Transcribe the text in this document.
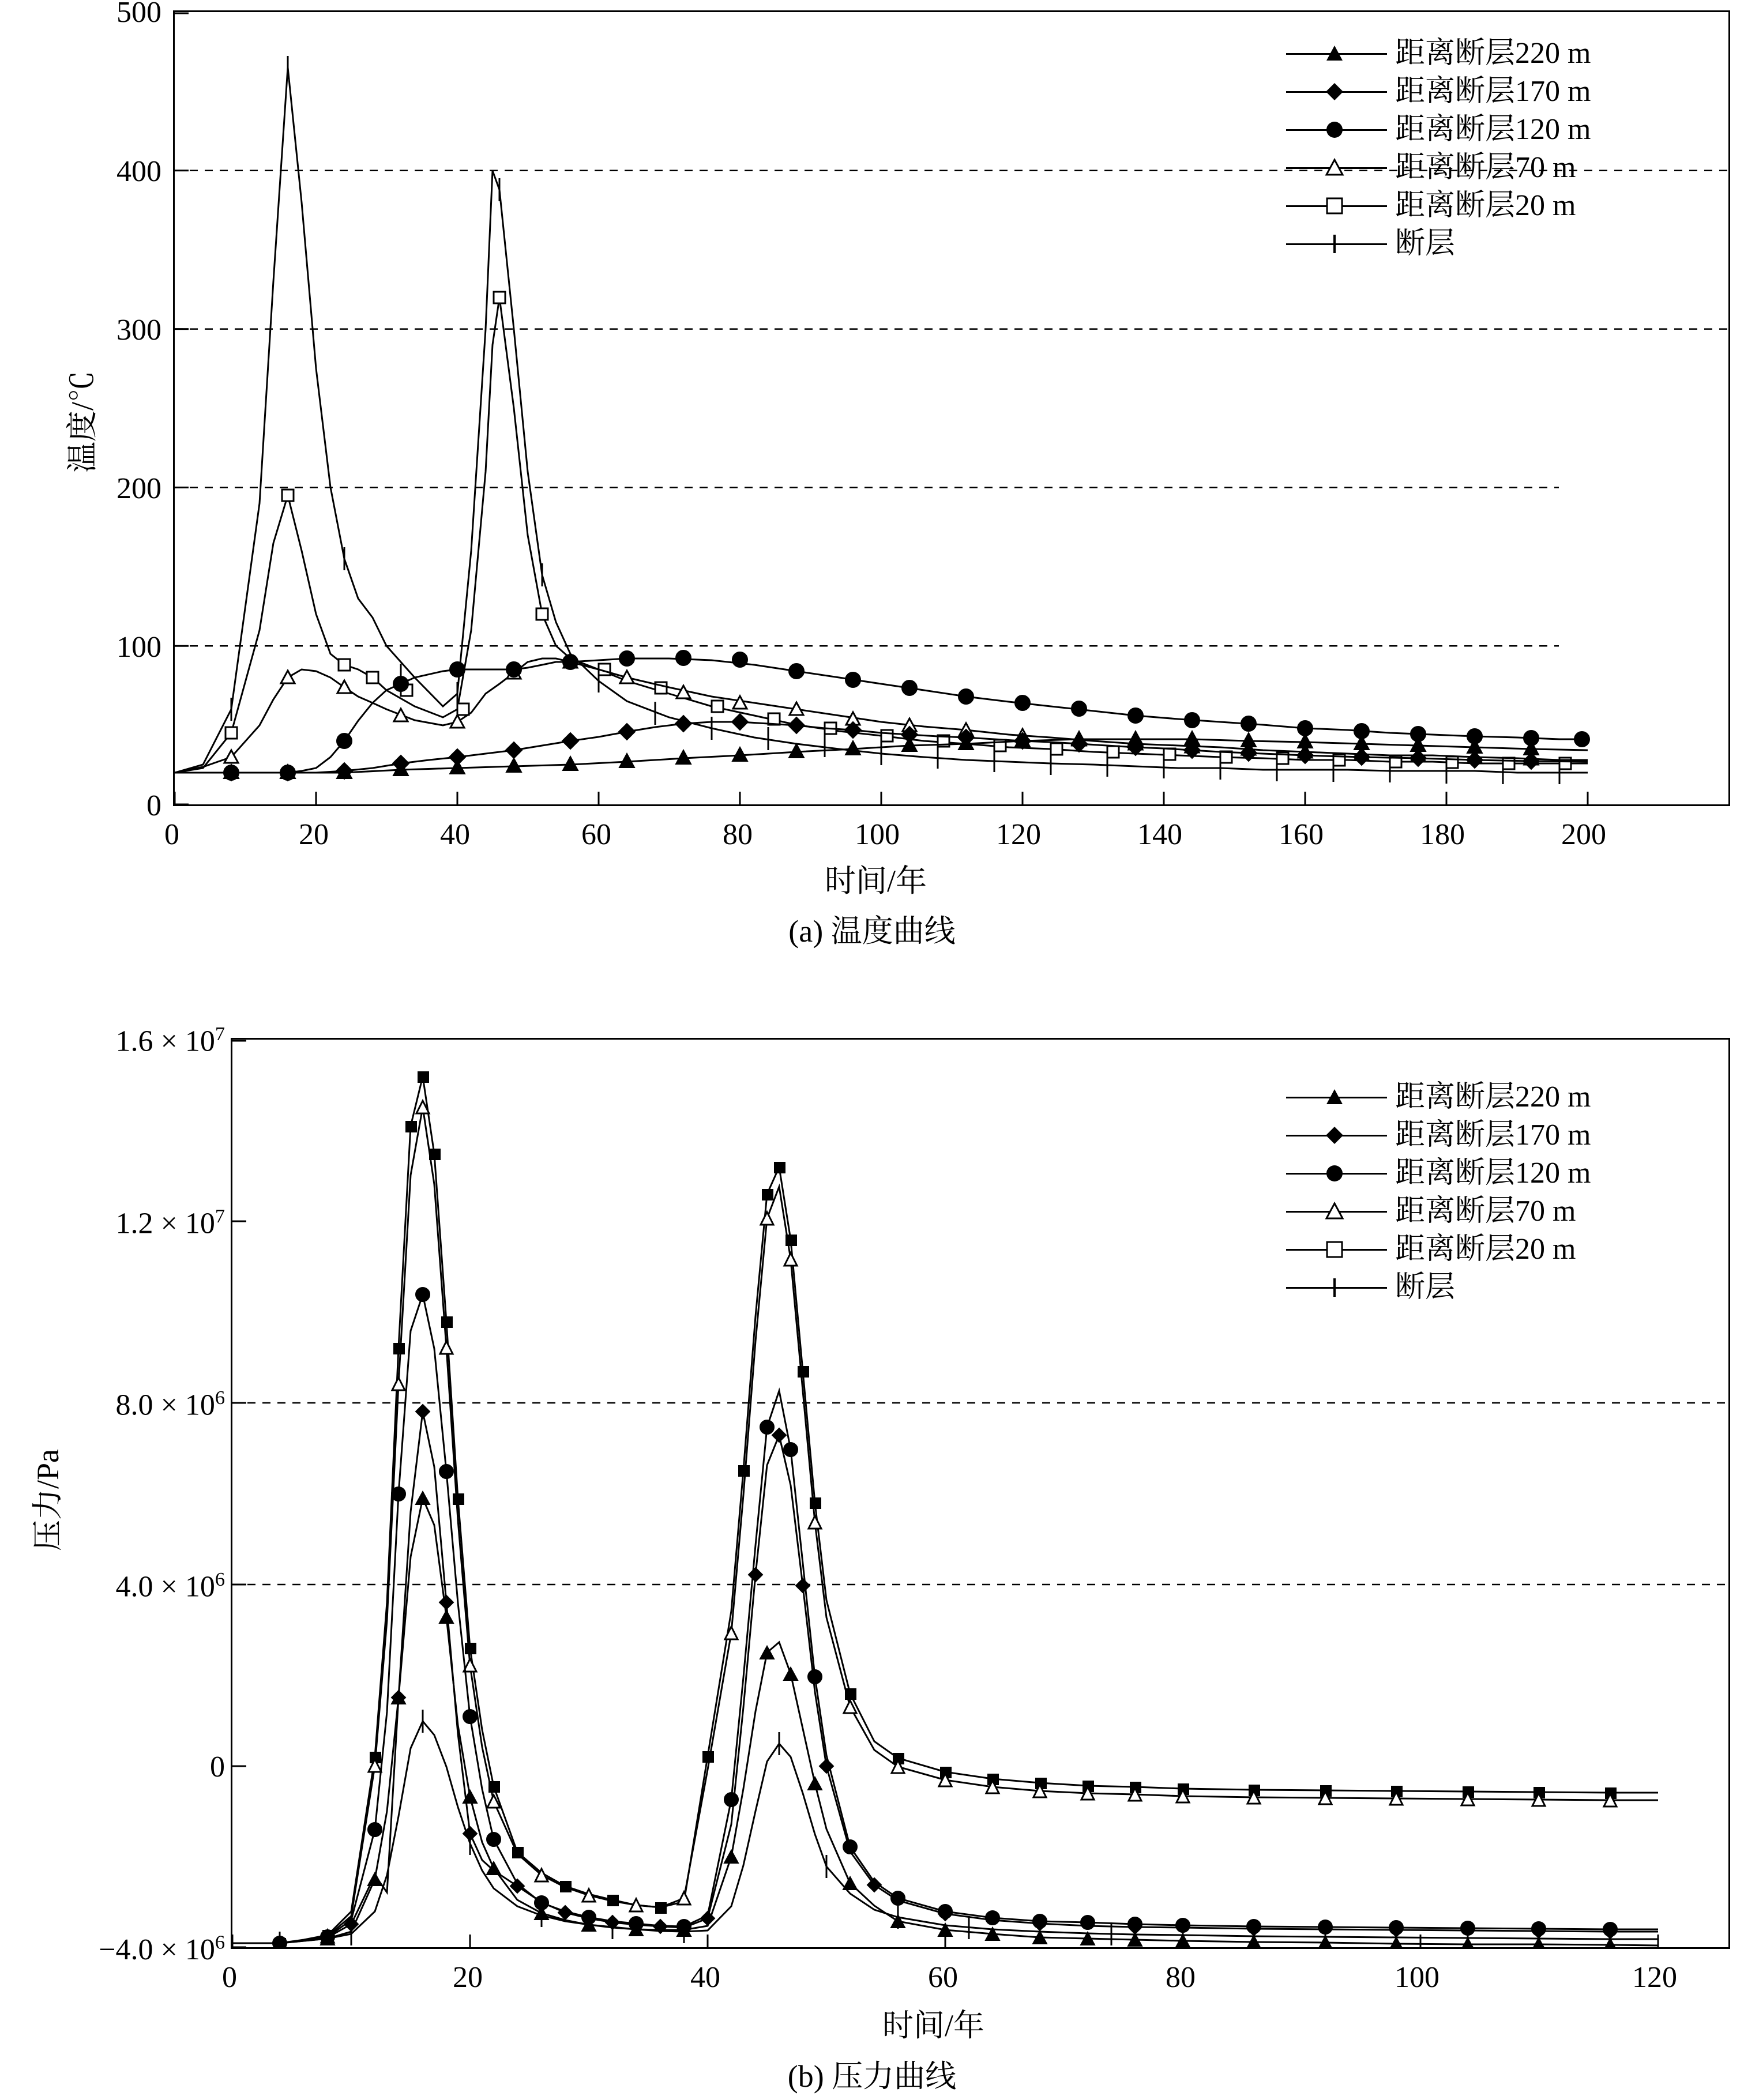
温度/℃
0
100
200
300
400
500
0	20	40	60	80	100	120	140	160	180	200
时间/年
(a) 温度曲线
距离断层220 m
距离断层170 m
距离断层120 m
距离断层70 m
距离断层20 m
断层
压力/Pa
$-4.0 \times 10^6$
0
$4.0 \times 10^6$
$8.0 \times 10^6$
$1.2 \times 10^7$
$1.6 \times 10^7$
0	20	40	60	80	100	120
时间/年
(b) 压力曲线
距离断层220 m
距离断层170 m
距离断层120 m
距离断层70 m
距离断层20 m
断层
